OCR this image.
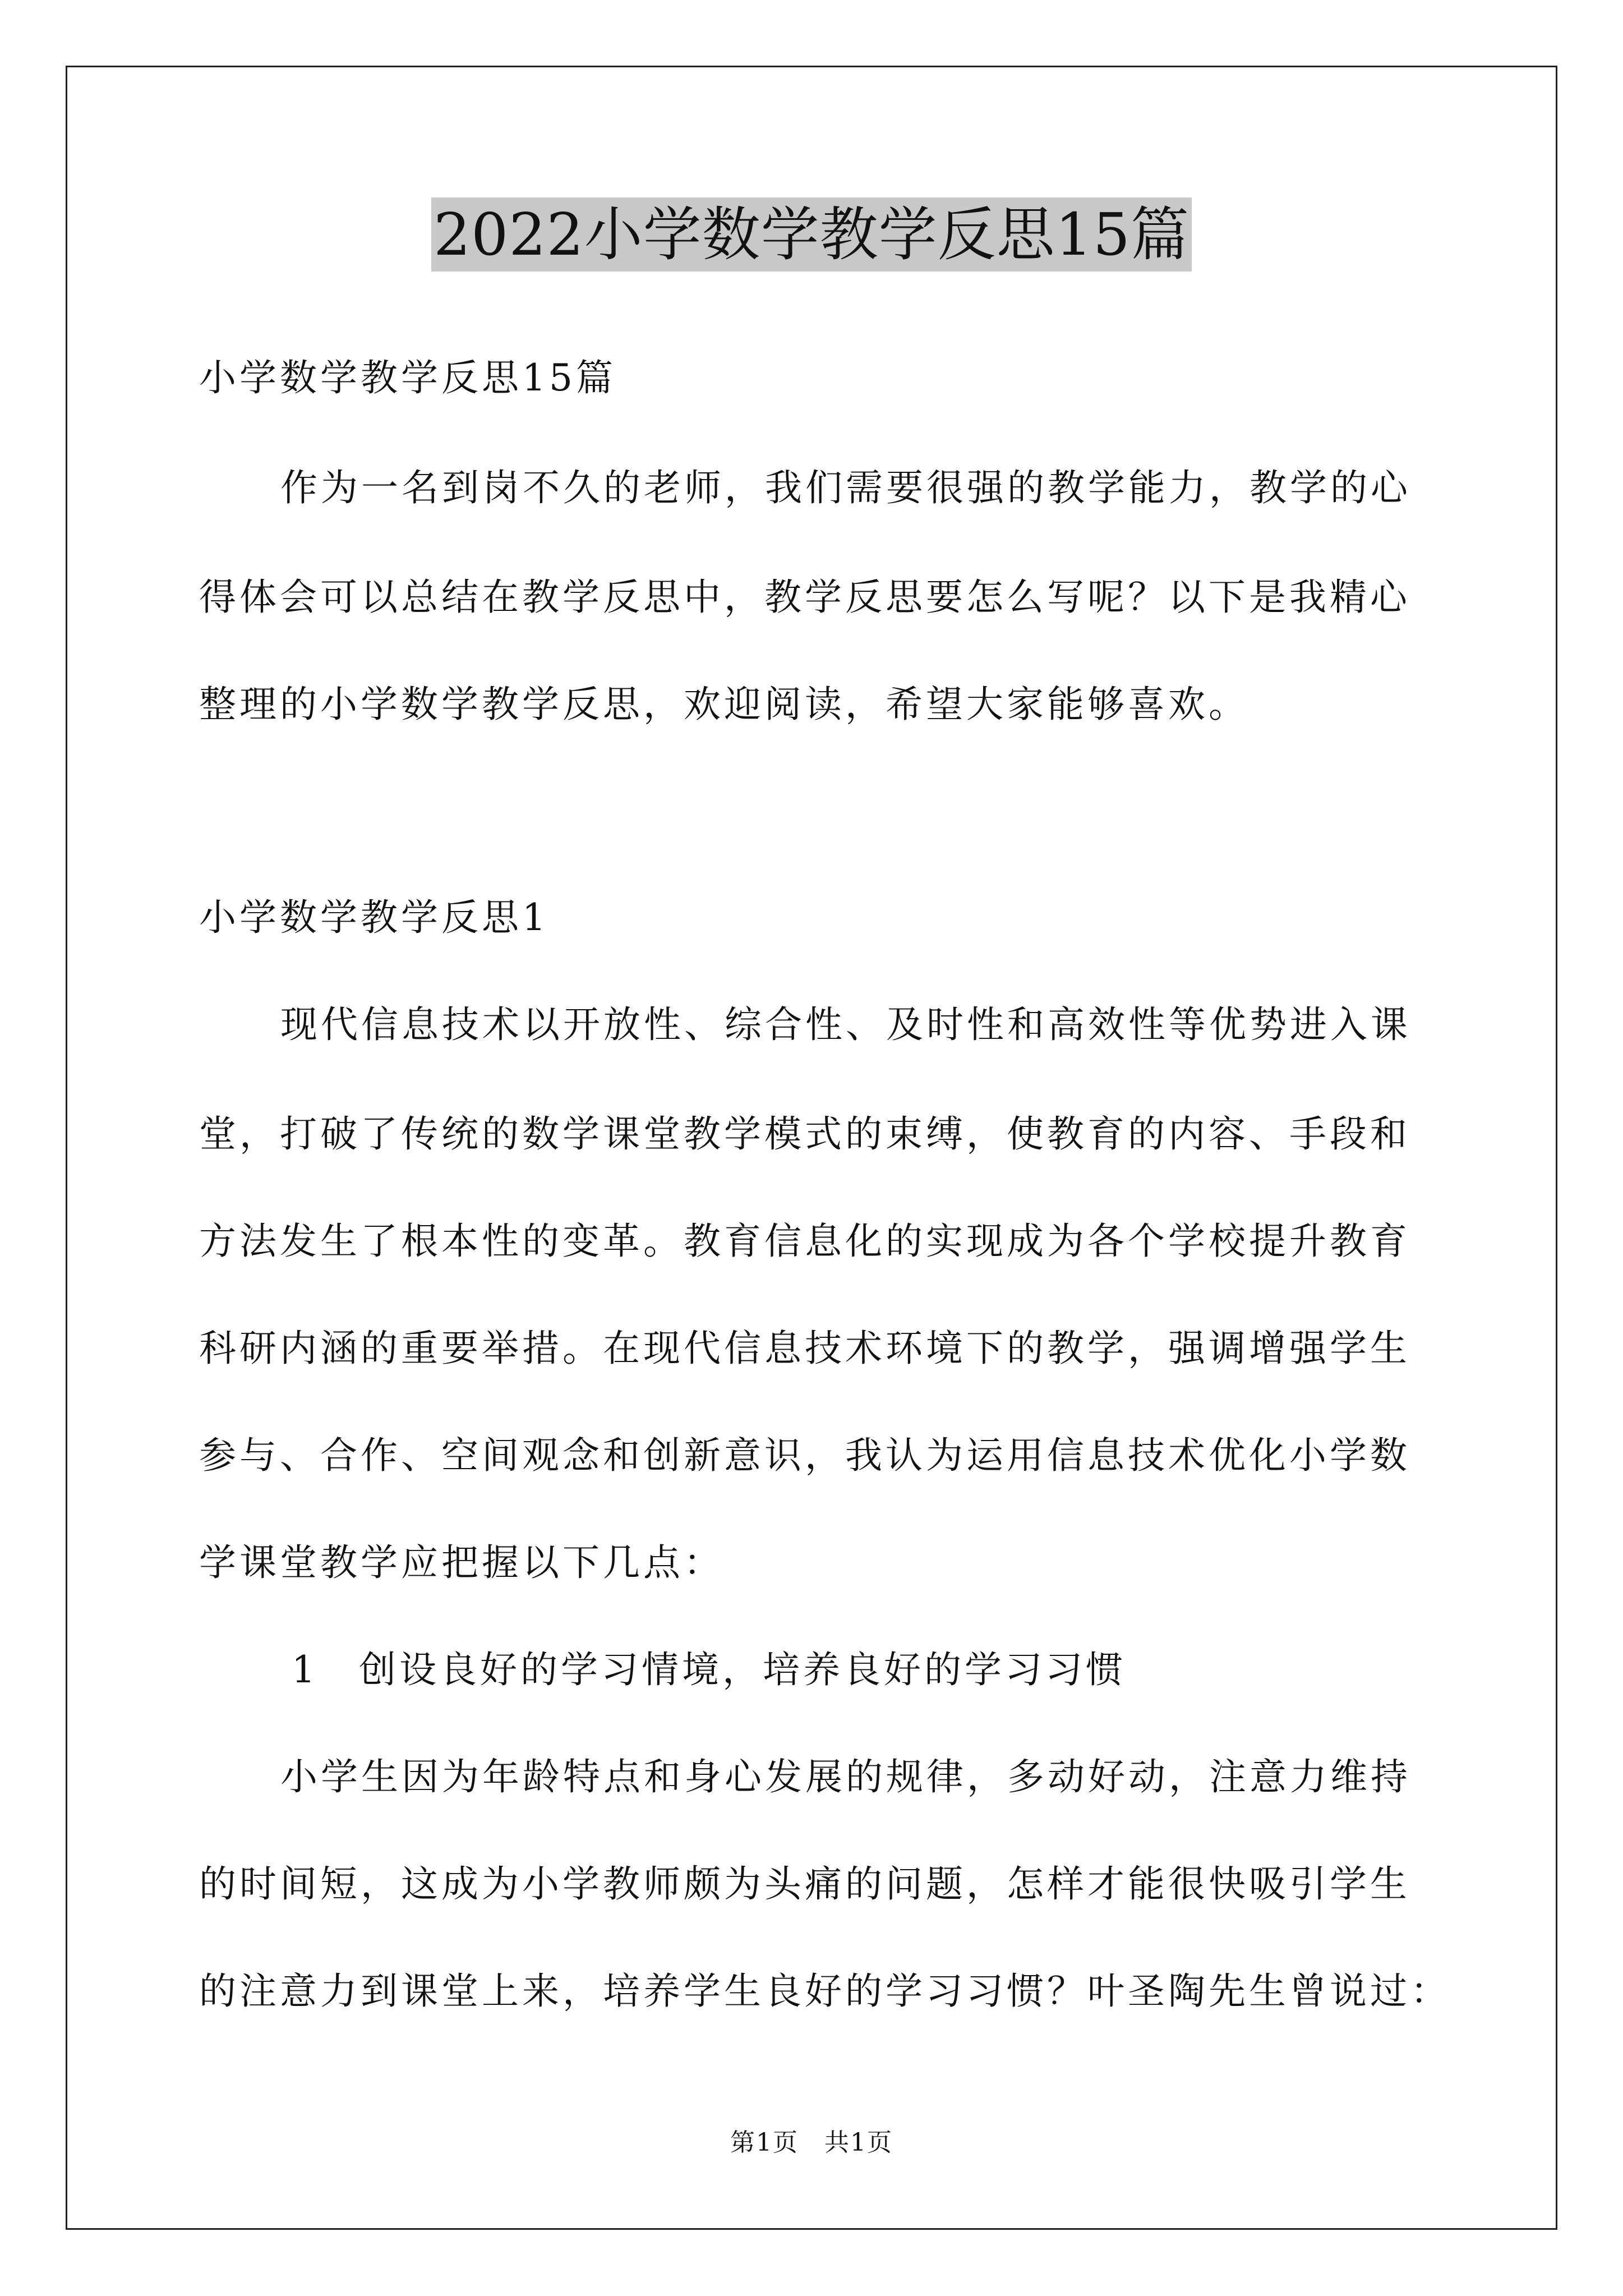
2022小学数学教学反思15篇
小学数学教学反思15篇
作为一名到岗不久的老师，我们需要很强的教学能力，教学的心
得体会可以总结在教学反思中，教学反思要怎么写呢？以下是我精心
整理的小学数学教学反思，欢迎阅读，希望大家能够喜欢。
小学数学教学反思1
现代信息技术以开放性、综合性、及时性和高效性等优势进入课
堂，打破了传统的数学课堂教学模式的束缚，使教育的内容、手段和
方法发生了根本性的变革。教育信息化的实现成为各个学校提升教育
科研内涵的重要举措。在现代信息技术环境下的教学，强调增强学生
参与、合作、空间观念和创新意识，我认为运用信息技术优化小学数
学课堂教学应把握以下几点：
1　创设良好的学习情境，培养良好的学习习惯
小学生因为年龄特点和身心发展的规律，多动好动，注意力维持
的时间短，这成为小学教师颇为头痛的问题，怎样才能很快吸引学生
的注意力到课堂上来，培养学生良好的学习习惯？叶圣陶先生曾说过：
第1页　共1页
